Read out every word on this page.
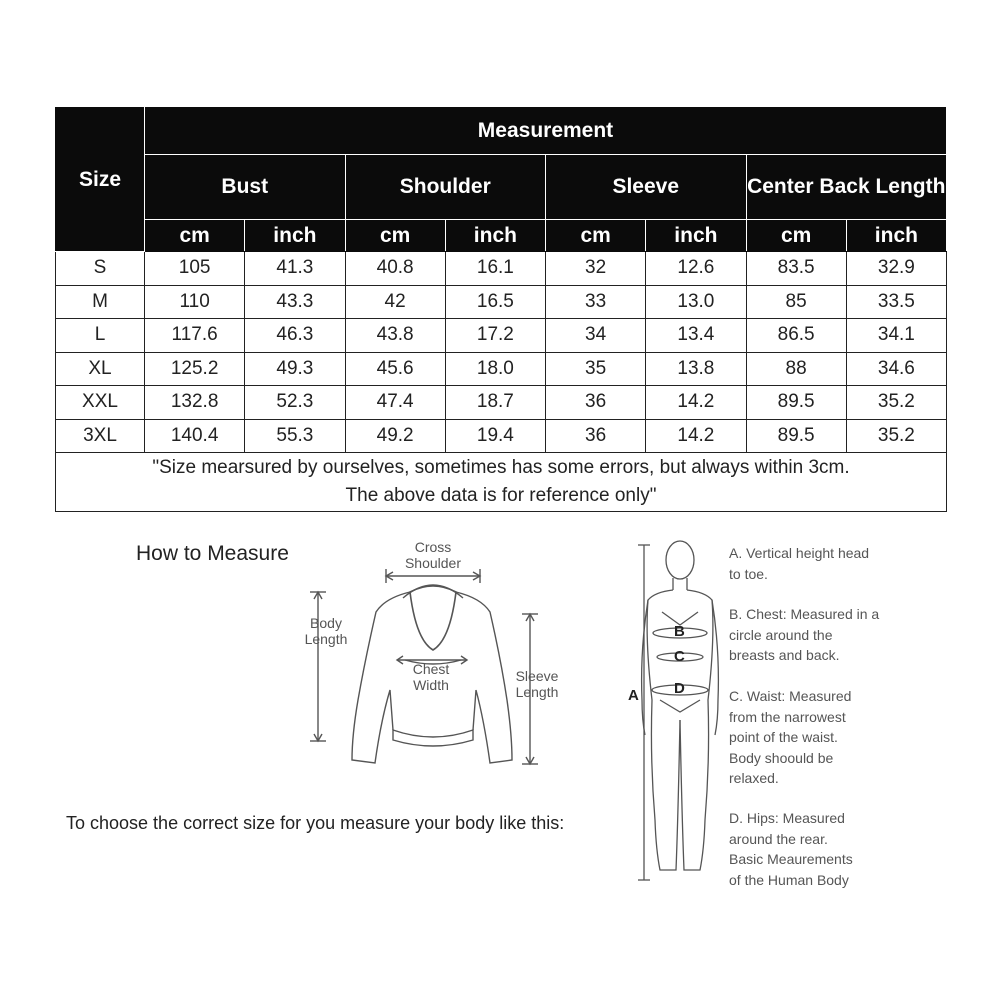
Size	Measurement							
	Bust		Shoulder		Sleeve		Center Back Length	
	cm	inch	cm	inch	cm	inch	cm	inch
S	105	41.3	40.8	16.1	32	12.6	83.5	32.9
M	110	43.3	42	16.5	33	13.0	85	33.5
L	117.6	46.3	43.8	17.2	34	13.4	86.5	34.1
XL	125.2	49.3	45.6	18.0	35	13.8	88	34.6
XXL	132.8	52.3	47.4	18.7	36	14.2	89.5	35.2
3XL	140.4	55.3	49.2	19.4	36	14.2	89.5	35.2
"Size mearsured by ourselves, sometimes has some errors, but always within 3cm.
The above data is for reference only"								
How to Measure	Cross
Shoulder
Body
Length
Chest
Width
Sleeve
Length
To choose the correct size for you measure your body like this:
A
B
C
D
A. Vertical height head
to toe.
B. Chest: Measured in a
circle around the
breasts and back.
C. Waist: Measured
from the narrowest
point of the waist.
Body shoould be
relaxed.
D. Hips: Measured
around the rear.
Basic Meaurements
of the Human Body
